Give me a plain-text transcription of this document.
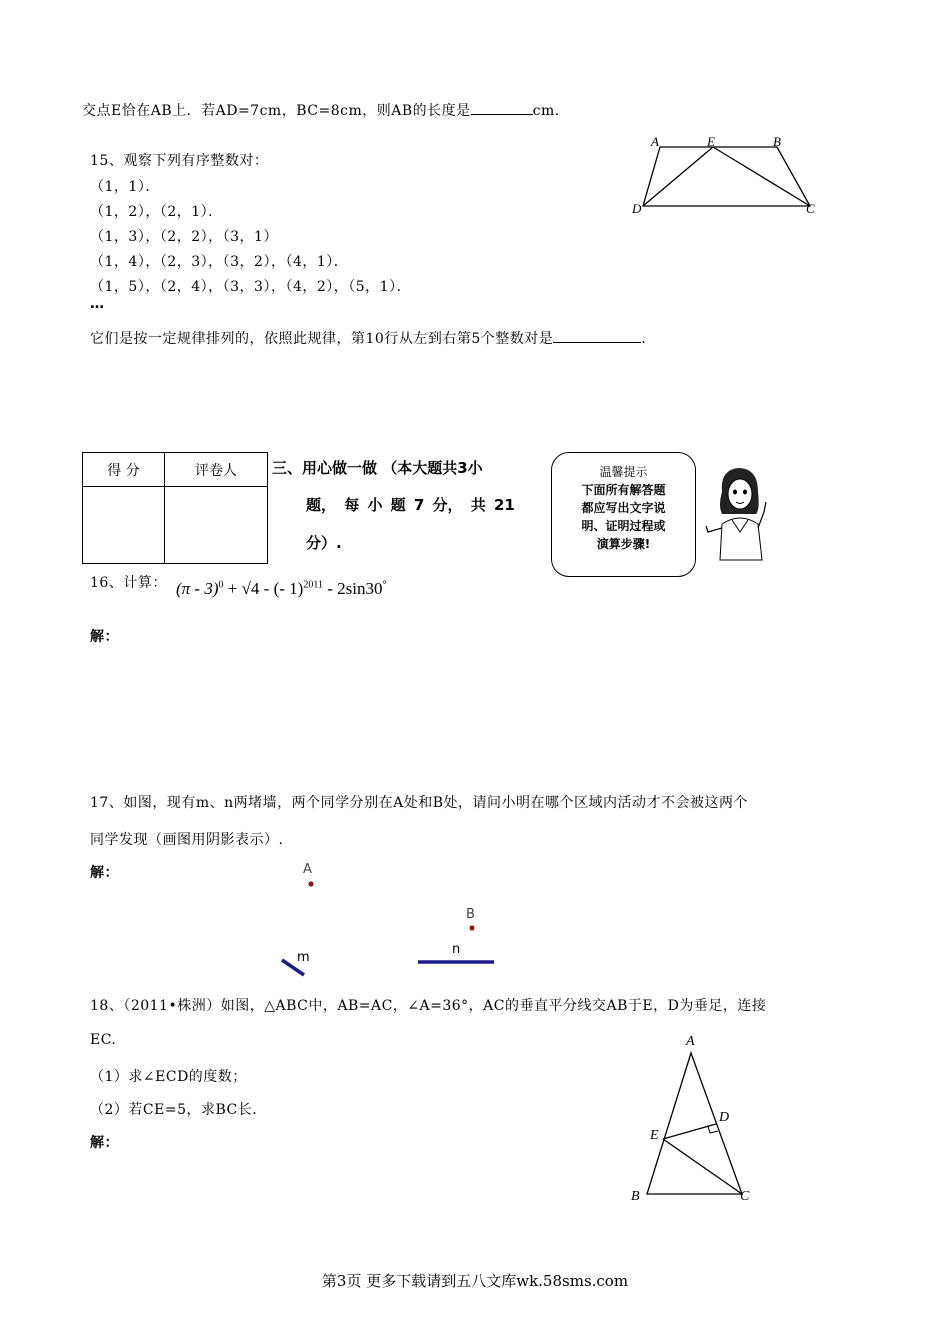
交点E恰在AB上．若AD=7cm，BC=8cm，则AB的长度是	cm.
15、观察下列有序整数对：
（1，1）．
（1，2），（2，1）．
（1，3），（2，2），（3，1）
（1，4），（2，3），（3，2），（4，1）．
（1，5），（2，4），（3，3），（4，2），（5，1）．
…
它们是按一定规律排列的，依照此规律，第10行从左到右第5个整数对是	.
A	E	B
D	C
得 分	评卷人
	三、用心做一做 （本大题共3小
题， 每 小 题 7 分， 共 21
分）.
温馨提示
下面所有解答题
都应写出文字说
明、证明过程或
演算步骤!
16、计算： (π - 3)$^0$ + √4 - (- 1)$^{2011}$ - 2sin30°
解：
17、如图，现有m、n两堵墙，两个同学分别在A处和B处，请问小明在哪个区域内活动才不会被这两个
同学发现（画图用阴影表示）.
解：	A
B
m
n
18、（2011•株洲）如图，△ABC中，AB=AC，∠A=36°，AC的垂直平分线交AB于E，D为垂足，连接
EC.
（1）求∠ECD的度数；
（2）若CE=5，求BC长.
解：
A
D
E
B	C
第3页 更多下载请到五八文库wk.58sms.com
